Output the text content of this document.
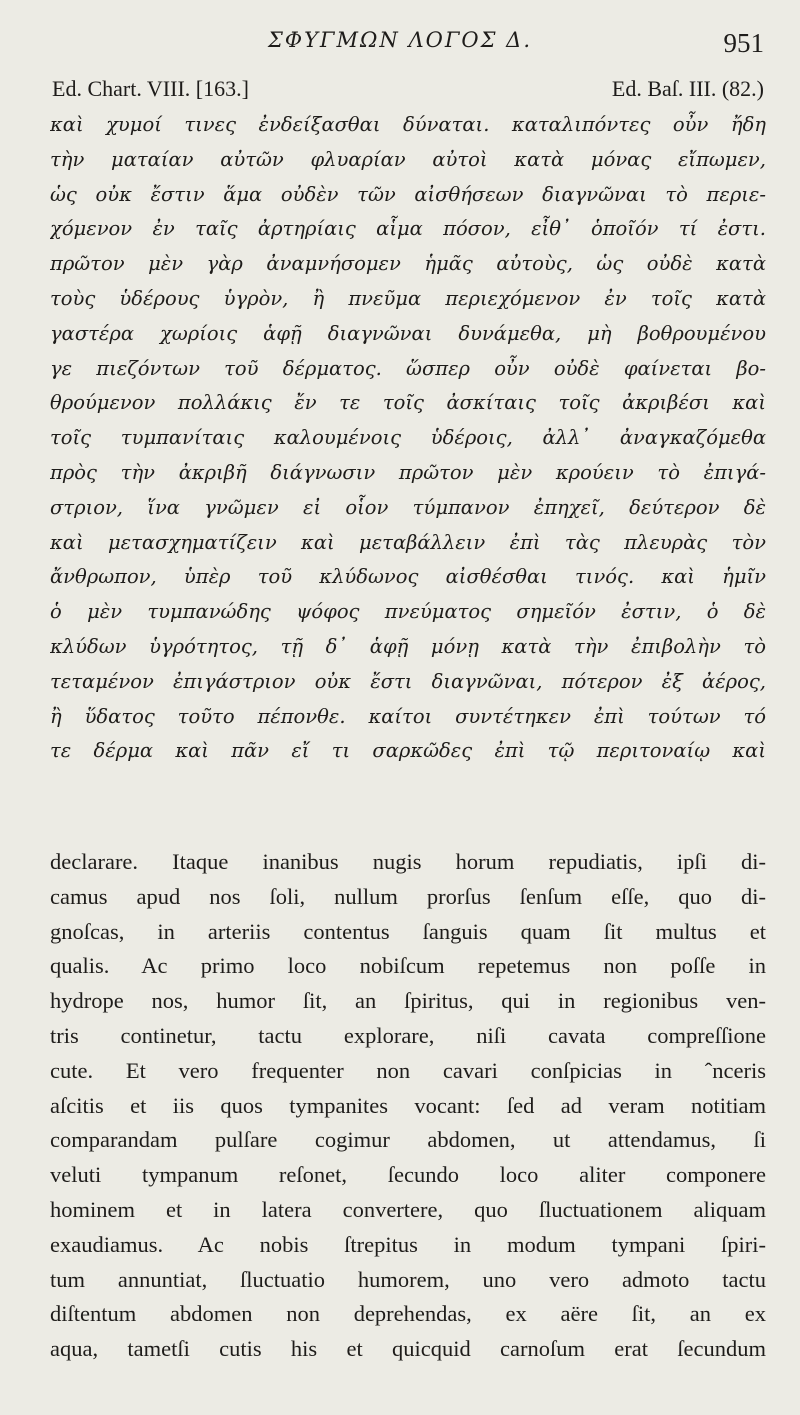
ΣΦΥΓΜΩΝ ΛΟΓΟΣ Δ.	951
Ed. Chart. VIII. [163.]	Ed. Baſ. III. (82.)
καὶ χυμοί τινες ἐνδείξασθαι δύναται. καταλιπόντες οὖν ἤδη
τὴν ματαίαν αὐτῶν φλυαρίαν αὐτοὶ κατὰ μόνας εἴπωμεν,
ὡς οὐκ ἔστιν ἅμα οὐδὲν τῶν αἰσθήσεων διαγνῶναι τὸ περιε-
χόμενον ἐν ταῖς ἀρτηρίαις αἷμα πόσον, εἶθ᾽ ὁποῖόν τί ἐστι.
πρῶτον μὲν γὰρ ἀναμνήσομεν ἡμᾶς αὐτοὺς, ὡς οὐδὲ κατὰ
τοὺς ὑδέρους ὑγρὸν, ἢ πνεῦμα περιεχόμενον ἐν τοῖς κατὰ
γαστέρα χωρίοις ἁφῇ διαγνῶναι δυνάμεθα, μὴ βοθρουμένου
γε πιεζόντων τοῦ δέρματος. ὥσπερ οὖν οὐδὲ φαίνεται βο-
θρούμενον πολλάκις ἔν τε τοῖς ἀσκίταις τοῖς ἀκριβέσι καὶ
τοῖς τυμπανίταις καλουμένοις ὑδέροις, ἀλλ᾽ ἀναγκαζόμεθα
πρὸς τὴν ἀκριβῆ διάγνωσιν πρῶτον μὲν κρούειν τὸ ἐπιγά-
στριον, ἵνα γνῶμεν εἰ οἷον τύμπανον ἐπηχεῖ, δεύτερον δὲ
καὶ μετασχηματίζειν καὶ μεταβάλλειν ἐπὶ τὰς πλευρὰς τὸν
ἄνθρωπον, ὑπὲρ τοῦ κλύδωνος αἰσθέσθαι τινός. καὶ ἡμῖν
ὁ μὲν τυμπανώδης ψόφος πνεύματος σημεῖόν ἐστιν, ὁ δὲ
κλύδων ὑγρότητος, τῇ δ᾽ ἁφῇ μόνῃ κατὰ τὴν ἐπιβολὴν τὸ
τεταμένον ἐπιγάστριον οὐκ ἔστι διαγνῶναι, πότερον ἐξ ἀέρος,
ἢ ὕδατος τοῦτο πέπονθε. καίτοι συντέτηκεν ἐπὶ τούτων τό
τε δέρμα καὶ πᾶν εἴ τι σαρκῶδες ἐπὶ τῷ περιτοναίῳ καὶ
declarare. Itaque inanibus nugis horum repudiatis, ipſi di-
camus apud nos ſoli, nullum prorſus ſenſum eſſe, quo di-
gnoſcas, in arteriis contentus ſanguis quam ſit multus et
qualis. Ac primo loco nobiſcum repetemus non poſſe in
hydrope nos, humor ſit, an ſpiritus, qui in regionibus ven-
tris continetur, tactu explorare, niſi cavata compreſſione
cute. Et vero frequenter non cavari conſpicias in ˆnceris
aſcitis et iis quos tympanites vocant: ſed ad veram notitiam
comparandam pulſare cogimur abdomen, ut attendamus, ſi
veluti tympanum reſonet, ſecundo loco aliter componere
hominem et in latera convertere, quo ſluctuationem aliquam
exaudiamus. Ac nobis ſtrepitus in modum tympani ſpiri-
tum annuntiat, ſluctuatio humorem, uno vero admoto tactu
diſtentum abdomen non deprehendas, ex aëre ſit, an ex
aqua, tametſi cutis his et quicquid carnoſum erat ſecundum
